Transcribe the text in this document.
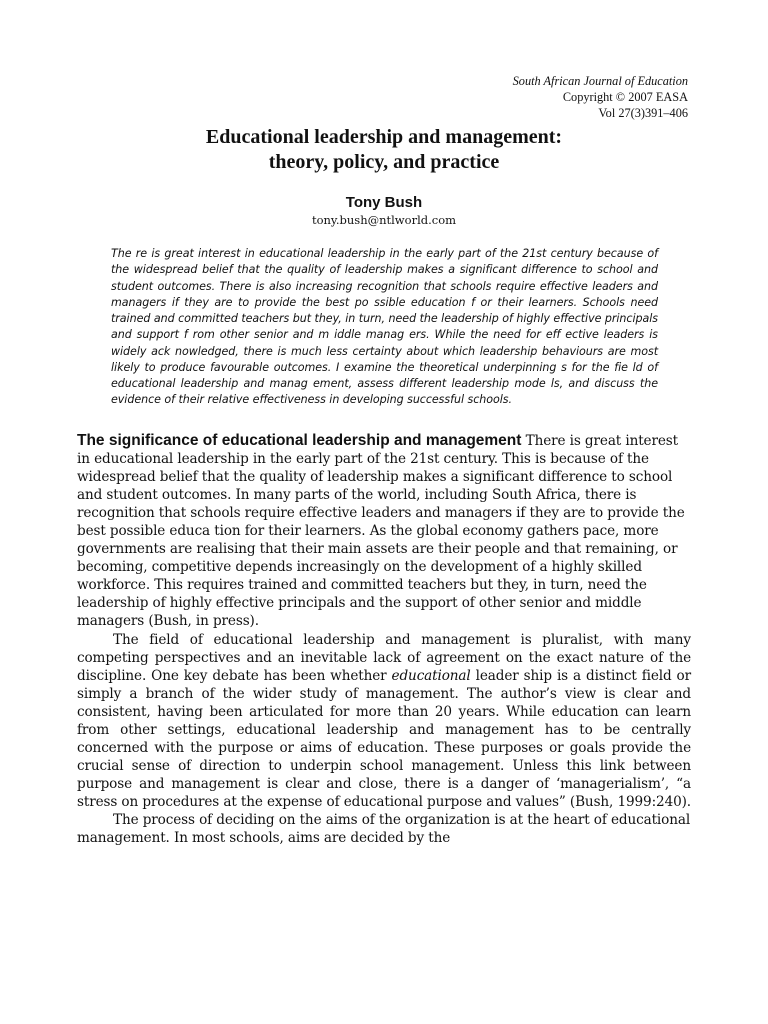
South African Journal of Education
Copyright © 2007 EASA
Vol 27(3)391–406
Educational leadership and management:
theory, policy, and practice
Tony Bush
tony.bush@ntlworld.com

The re is great interest in educational leadership in the early part of the 21st century because of the widespread belief that the quality of leadership makes a significant difference to school and student outcomes. There is also increasing recognition that schools require effective leaders and managers if they are to provide the best po ssible education f or their learners. Schools need trained and committed teachers but they, in turn, need the leadership of highly effective principals and support f rom other senior and m iddle manag ers. While the need for eff ective leaders is widely ack nowledged, there is much less certainty about which leadership behaviours are most likely to produce favourable outcomes. I examine the theoretical underpinning s for the fie ld of educational leadership and manag ement, assess different leadership mode ls, and discuss the evidence of their relative effectiveness in developing successful schools.

The significance of educational leadership and management There is great interest in educational leadership in the early part of the 21st century. This is because of the widespread belief that the quality of leadership makes a significant difference to school and student outcomes. In many parts of the world, including South Africa, there is recognition that schools require effective leaders and managers if they are to provide the best possible educa tion for their learners. As the global economy gathers pace, more governments are realising that their main assets are their people and that remaining, or becoming, competitive depends increasingly on the development of a highly skilled workforce. This requires trained and committed teachers but they, in turn, need the leadership of highly effective principals and the support of other senior and middle managers (Bush, in press).

The field of educational leadership and management is pluralist, with many competing perspectives and an inevitable lack of agreement on the exact nature of the discipline. One key debate has been whether educational leader ship is a distinct field or simply a branch of the wider study of management. The author’s view is clear and consistent, having been articulated for more than 20 years. While education can learn from other settings, educational leadership and management has to be centrally concerned with the purpose or aims of education. These purposes or goals provide the crucial sense of direction to underpin school management. Unless this link between purpose and management is clear and close, there is a danger of ‘managerialism’, “a stress on procedures at the expense of educational purpose and values” (Bush, 1999:240).

The process of deciding on the aims of the organization is at the heart of educational management. In most schools, aims are decided by the
